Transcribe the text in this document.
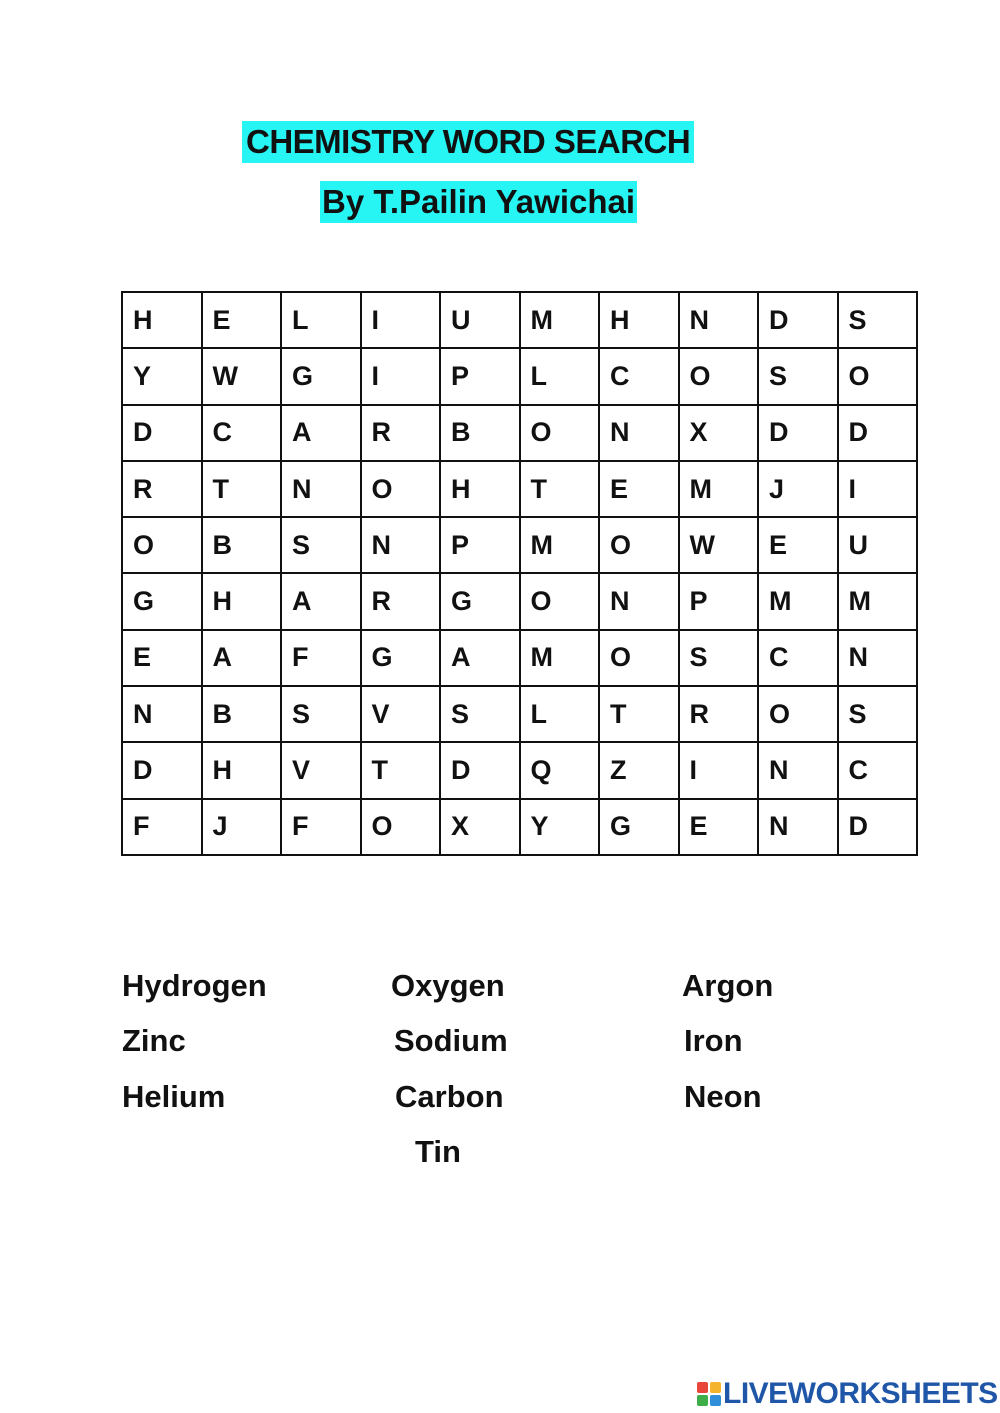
CHEMISTRY WORD SEARCH
By T.Pailin Yawichai
H	E	L	I	U	M	H	N	D	S
Y	W	G	I	P	L	C	O	S	O
D	C	A	R	B	O	N	X	D	D
R	T	N	O	H	T	E	M	J	I
O	B	S	N	P	M	O	W	E	U
G	H	A	R	G	O	N	P	M	M
E	A	F	G	A	M	O	S	C	N
N	B	S	V	S	L	T	R	O	S
D	H	V	T	D	Q	Z	I	N	C
F	J	F	O	X	Y	G	E	N	D
Hydrogen
Zinc
Helium
Oxygen
Sodium
Carbon
Tin
Argon
Iron
Neon
LIVEWORKSHEETS
